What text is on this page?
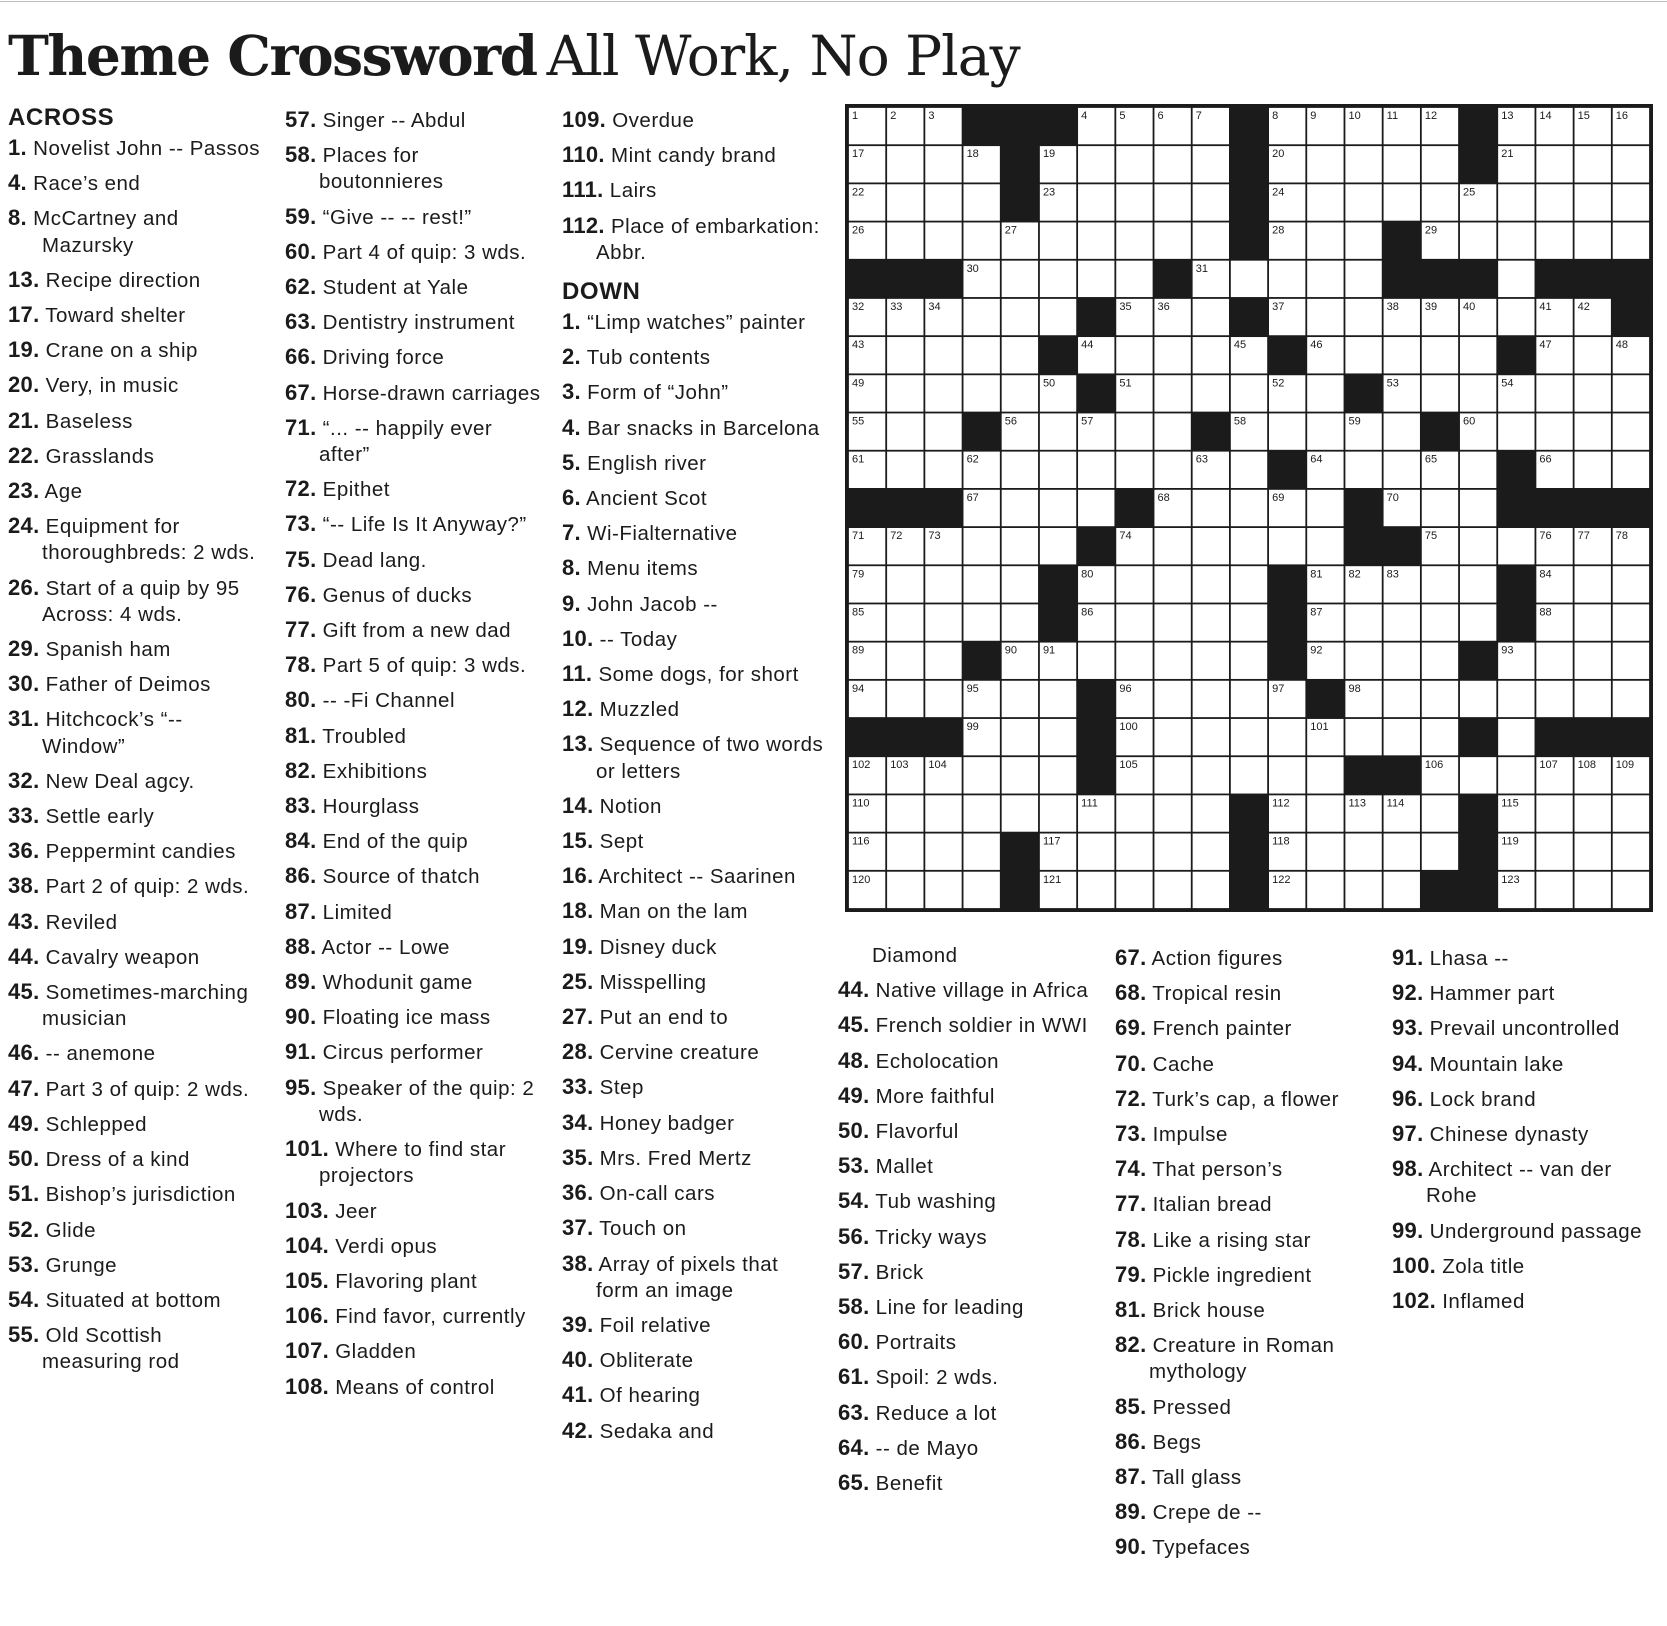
Theme Crossword All Work, No Play
ACROSS
1. Novelist John -- Passos
4. Race’s end
8. McCartney and Mazursky
13. Recipe direction
17. Toward shelter
19. Crane on a ship
20. Very, in music
21. Baseless
22. Grasslands
23. Age
24. Equipment for thoroughbreds: 2 wds.
26. Start of a quip by 95 Across: 4 wds.
29. Spanish ham
30. Father of Deimos
31. Hitchcock’s “-- Window”
32. New Deal agcy.
33. Settle early
36. Peppermint candies
38. Part 2 of quip: 2 wds.
43. Reviled
44. Cavalry weapon
45. Sometimes-marching musician
46. -- anemone
47. Part 3 of quip: 2 wds.
49. Schlepped
50. Dress of a kind
51. Bishop’s jurisdiction
52. Glide
53. Grunge
54. Situated at bottom
55. Old Scottish measuring rod
57. Singer -- Abdul
58. Places for boutonnieres
59. “Give -- -- rest!”
60. Part 4 of quip: 3 wds.
62. Student at Yale
63. Dentistry instrument
66. Driving force
67. Horse-drawn carriages
71. “... -- happily ever after”
72. Epithet
73. “-- Life Is It Anyway?”
75. Dead lang.
76. Genus of ducks
77. Gift from a new dad
78. Part 5 of quip: 3 wds.
80. -- -Fi Channel
81. Troubled
82. Exhibitions
83. Hourglass
84. End of the quip
86. Source of thatch
87. Limited
88. Actor -- Lowe
89. Whodunit game
90. Floating ice mass
91. Circus performer
95. Speaker of the quip: 2 wds.
101. Where to find star projectors
103. Jeer
104. Verdi opus
105. Flavoring plant
106. Find favor, currently
107. Gladden
108. Means of control
109. Overdue
110. Mint candy brand
111. Lairs
112. Place of embarkation: Abbr.
DOWN
1. “Limp watches” painter
2. Tub contents
3. Form of “John”
4. Bar snacks in Barcelona
5. English river
6. Ancient Scot
7. Wi-Fialternative
8. Menu items
9. John Jacob --
10. -- Today
11. Some dogs, for short
12. Muzzled
13. Sequence of two words or letters
14. Notion
15. Sept
16. Architect -- Saarinen
18. Man on the lam
19. Disney duck
25. Misspelling
27. Put an end to
28. Cervine creature
33. Step
34. Honey badger
35. Mrs. Fred Mertz
36. On-call cars
37. Touch on
38. Array of pixels that form an image
39. Foil relative
40. Obliterate
41. Of hearing
42. Sedaka and
Diamond
44. Native village in Africa
45. French soldier in WWI
48. Echolocation
49. More faithful
50. Flavorful
53. Mallet
54. Tub washing
56. Tricky ways
57. Brick
58. Line for leading
60. Portraits
61. Spoil: 2 wds.
63. Reduce a lot
64. -- de Mayo
65. Benefit
67. Action figures
68. Tropical resin
69. French painter
70. Cache
72. Turk’s cap, a flower
73. Impulse
74. That person’s
77. Italian bread
78. Like a rising star
79. Pickle ingredient
81. Brick house
82. Creature in Roman mythology
85. Pressed
86. Begs
87. Tall glass
89. Crepe de --
90. Typefaces
91. Lhasa --
92. Hammer part
93. Prevail uncontrolled
94. Mountain lake
96. Lock brand
97. Chinese dynasty
98. Architect -- van der Rohe
99. Underground passage
100. Zola title
102. Inflamed
1	2	3	4	5	6	7	8	9	10 11 12	13 14 15 16
17	18	19	20	21
22	23	24	25
26	27	28	29
30	31
32 33 34	35 36	37	38 39 40	41 42
43	44	45	46	47	48
49	50	51	52	53	54
55	56	57	58	59	60
61	62	63	64	65	66
67	68	69	70
71 72 73	74	75	76 77 78
79	80	81 82 83	84
85	86	87	88
89	90 91	92	93
94	95	96	97	98
99	100	101
102 103 104	105	106	107 108 109
110	111	112	113 114	115
116	117	118	119
120	121	122	123
